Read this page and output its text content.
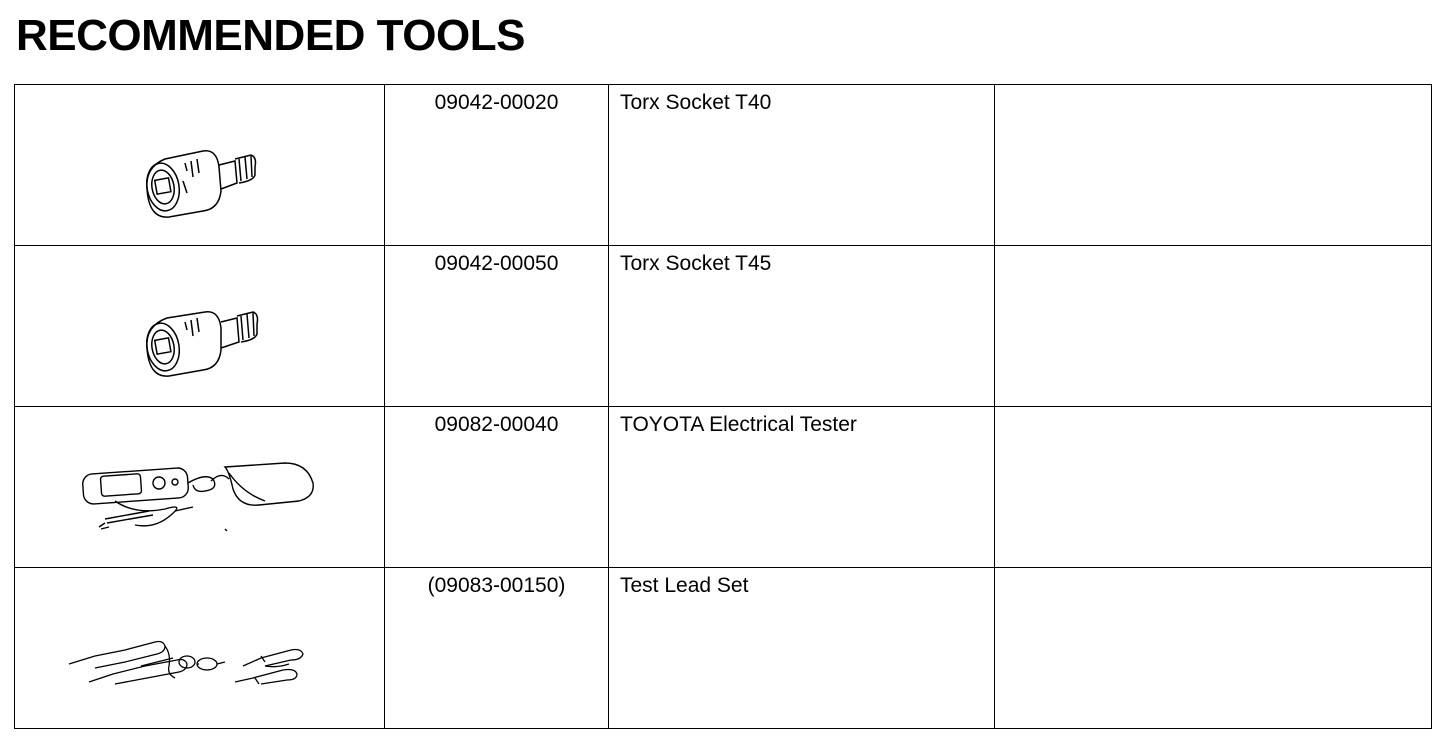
RECOMMENDED TOOLS
	09042-00020	Torx Socket T40	

	09042-00050	Torx Socket T45	

	09082-00040	TOYOTA Electrical Tester	

	(09083-00150)	Test Lead Set	
